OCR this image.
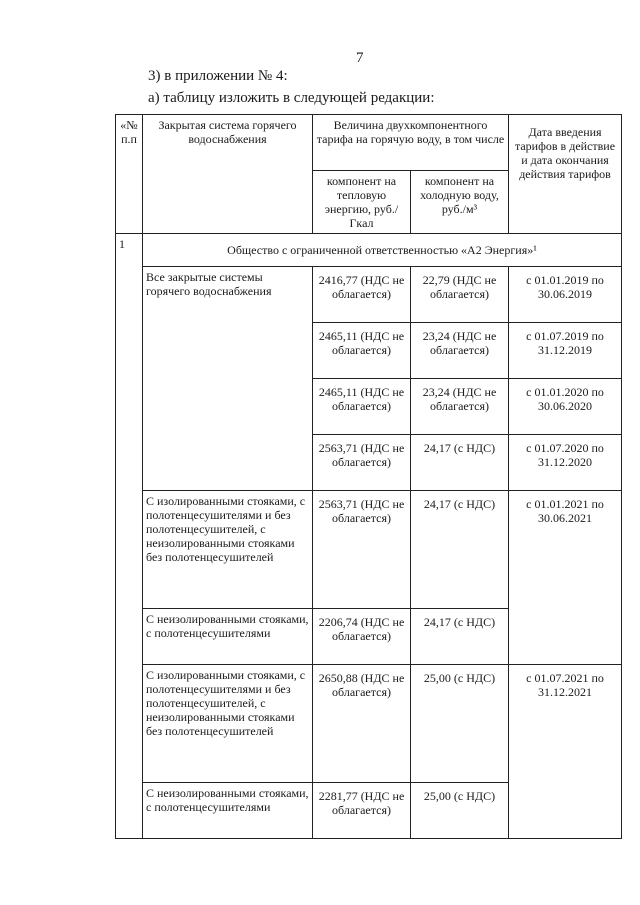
7
3) в приложении № 4:
а) таблицу изложить в следующей редакции:
«№ п.п	Закрытая система горячего водоснабжения	Величина двухкомпонентного тарифа на горячую воду, в том числе		Дата введения тарифов в действие и дата окончания действия тарифов
		компонент на тепловую энергию, руб./Гкал	компонент на холодную воду, руб./м³	
1	Общество с ограниченной ответственностью «А2 Энергия»¹			
	Все закрытые системы горячего водоснабжения	2416,77 (НДС не облагается)	22,79 (НДС не облагается)	с 01.01.2019 по 30.06.2019
		2465,11 (НДС не облагается)	23,24 (НДС не облагается)	с 01.07.2019 по 31.12.2019
		2465,11 (НДС не облагается)	23,24 (НДС не облагается)	с 01.01.2020 по 30.06.2020
		2563,71 (НДС не облагается)	24,17 (с НДС)	с 01.07.2020 по 31.12.2020
	С изолированными стояками, с полотенцесушителями и без полотенцесушителей, с неизолированными стояками без полотенцесушителей	2563,71 (НДС не облагается)	24,17 (с НДС)	с 01.01.2021 по 30.06.2021
	С неизолированными стояками, с полотенцесушителями	2206,74 (НДС не облагается)	24,17 (с НДС)	
	С изолированными стояками, с полотенцесушителями и без полотенцесушителей, с неизолированными стояками без полотенцесушителей	2650,88 (НДС не облагается)	25,00 (с НДС)	с 01.07.2021 по 31.12.2021
	С неизолированными стояками, с полотенцесушителями	2281,77 (НДС не облагается)	25,00 (с НДС)	
